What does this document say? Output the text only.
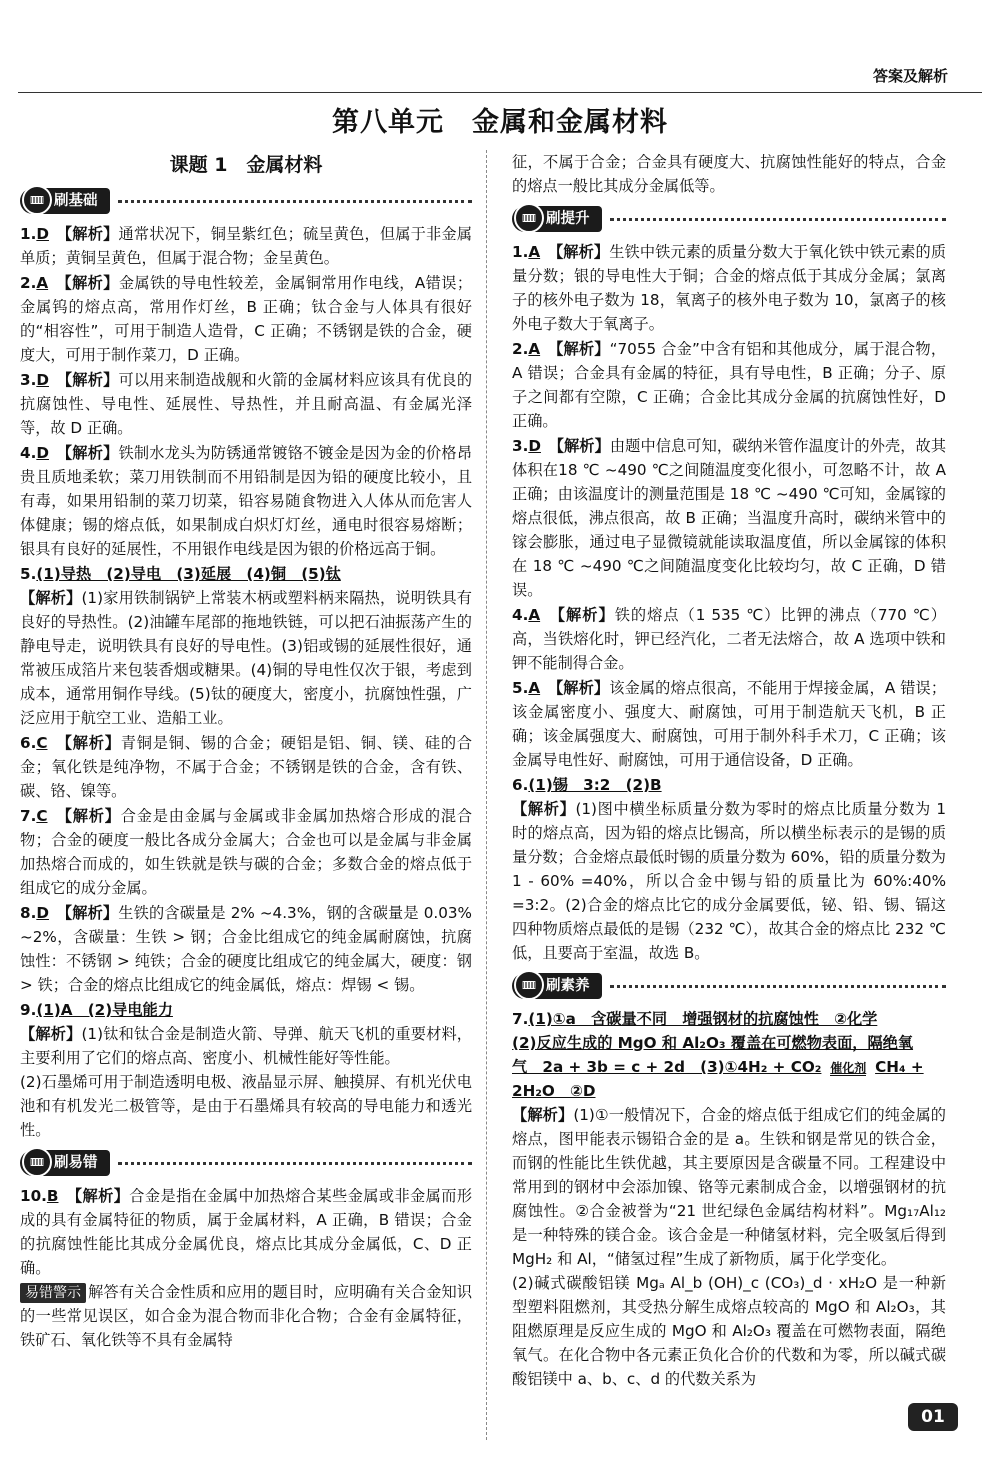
答案及解析
第八单元　金属和金属材料
课题 1　金属材料
刷基础
1.D　 【解析】通常状况下，铜呈紫红色；硫呈黄色，但属于非金属单质；黄铜呈黄色，但属于混合物；金呈黄色。
2.A　 【解析】金属铁的导电性较差，金属铜常用作电线，A错误；金属钨的熔点高，常用作灯丝，B 正确；钛合金与人体具有很好的“相容性”，可用于制造人造骨，C 正确；不锈钢是铁的合金，硬度大，可用于制作菜刀，D 正确。
3.D　 【解析】可以用来制造战舰和火箭的金属材料应该具有优良的抗腐蚀性、导电性、延展性、导热性，并且耐高温、有金属光泽等，故 D 正确。
4.D　 【解析】铁制水龙头为防锈通常镀铬不镀金是因为金的价格昂贵且质地柔软；菜刀用铁制而不用铅制是因为铅的硬度比较小，且有毒，如果用铅制的菜刀切菜，铅容易随食物进入人体从而危害人体健康；锡的熔点低，如果制成白炽灯灯丝，通电时很容易熔断；银具有良好的延展性，不用银作电线是因为银的价格远高于铜。
5.(1)导热　(2)导电　(3)延展　(4)铜　(5)钛
【解析】(1)家用铁制锅铲上常装木柄或塑料柄来隔热，说明铁具有良好的导热性。(2)油罐车尾部的拖地铁链，可以把石油振荡产生的静电导走，说明铁具有良好的导电性。(3)铝或锡的延展性很好，通常被压成箔片来包装香烟或糖果。(4)铜的导电性仅次于银，考虑到成本，通常用铜作导线。(5)钛的硬度大，密度小，抗腐蚀性强，广泛应用于航空工业、造船工业。
6.C　 【解析】青铜是铜、锡的合金；硬铝是铝、铜、镁、硅的合金；氧化铁是纯净物，不属于合金；不锈钢是铁的合金，含有铁、碳、铬、镍等。
7.C　 【解析】合金是由金属与金属或非金属加热熔合形成的混合物；合金的硬度一般比各成分金属大；合金也可以是金属与非金属加热熔合而成的，如生铁就是铁与碳的合金；多数合金的熔点低于组成它的成分金属。
8.D　 【解析】生铁的含碳量是 2% ~4.3%，钢的含碳量是 0.03% ~2%，含碳量：生铁 > 钢；合金比组成它的纯金属耐腐蚀，抗腐蚀性：不锈钢 > 纯铁；合金的硬度比组成它的纯金属大，硬度：钢 > 铁；合金的熔点比组成它的纯金属低，熔点：焊锡 < 锡。
9.(1)A　(2)导电能力
【解析】(1)钛和钛合金是制造火箭、导弹、航天飞机的重要材料，主要利用了它们的熔点高、密度小、机械性能好等性能。
(2)石墨烯可用于制造透明电极、液晶显示屏、触摸屏、有机光伏电池和有机发光二极管等，是由于石墨烯具有较高的导电能力和透光性。
刷易错
10.B　 【解析】合金是指在金属中加热熔合某些金属或非金属而形成的具有金属特征的物质，属于金属材料，A 正确，B 错误；合金的抗腐蚀性能比其成分金属优良，熔点比其成分金属低，C、D 正确。
易错警示 解答有关合金性质和应用的题目时，应明确有关合金知识的一些常见误区，如合金为混合物而非化合物；合金有金属特征，铁矿石、氧化铁等不具有金属特
征，不属于合金；合金具有硬度大、抗腐蚀性能好的特点，合金的熔点一般比其成分金属低等。
刷提升
1.A　 【解析】生铁中铁元素的质量分数大于氧化铁中铁元素的质量分数；银的导电性大于铜；合金的熔点低于其成分金属；氯离子的核外电子数为 18，氧离子的核外电子数为 10，氯离子的核外电子数大于氧离子。
2.A　 【解析】“7055 合金”中含有铝和其他成分，属于混合物，A 错误；合金具有金属的特征，具有导电性，B 正确；分子、原子之间都有空隙，C 正确；合金比其成分金属的抗腐蚀性好，D 正确。
3.D　 【解析】由题中信息可知，碳纳米管作温度计的外壳，故其体积在18 ℃ ~490 ℃之间随温度变化很小，可忽略不计，故 A 正确；由该温度计的测量范围是 18 ℃ ~490 ℃可知，金属镓的熔点很低，沸点很高，故 B 正确；当温度升高时，碳纳米管中的镓会膨胀，通过电子显微镜就能读取温度值，所以金属镓的体积在 18 ℃ ~490 ℃之间随温度变化比较均匀，故 C 正确，D 错误。
4.A　 【解析】铁的熔点（1 535 ℃）比钾的沸点（770 ℃）高，当铁熔化时，钾已经汽化，二者无法熔合，故 A 选项中铁和钾不能制得合金。
5.A　 【解析】该金属的熔点很高，不能用于焊接金属，A 错误；该金属密度小、强度大、耐腐蚀，可用于制造航天飞机，B 正确；该金属强度大、耐腐蚀，可用于制外科手术刀，C 正确；该金属导电性好、耐腐蚀，可用于通信设备，D 正确。
6.(1)锡　3:2　(2)B
【解析】(1)图中横坐标质量分数为零时的熔点比质量分数为 1 时的熔点高，因为铅的熔点比锡高，所以横坐标表示的是锡的质量分数；合金熔点最低时锡的质量分数为 60%，铅的质量分数为 1 - 60% =40%，所以合金中锡与铅的质量比为 60%:40% =3:2。(2)合金的熔点比它的成分金属要低，铋、铅、锡、镉这四种物质熔点最低的是锡（232 ℃），故其合金的熔点比 232 ℃低，且要高于室温，故选 B。
刷素养
7.(1)①a　含碳量不同　增强钢材的抗腐蚀性　②化学
(2)反应生成的 MgO 和 Al₂O₃ 覆盖在可燃物表面，隔绝氧
气　2a + 3b = c + 2d　(3)①4H₂ + CO₂ 催化剂 CH₄ +
2H₂O　②D
【解析】(1)①一般情况下，合金的熔点低于组成它们的纯金属的熔点，图甲能表示锡铅合金的是 a。生铁和钢是常见的铁合金，而钢的性能比生铁优越，其主要原因是含碳量不同。工程建设中常用到的钢材中会添加镍、铬等元素制成合金，以增强钢材的抗腐蚀性。②合金被誉为“21 世纪绿色金属结构材料”。Mg₁₇Al₁₂ 是一种特殊的镁合金。该合金是一种储氢材料，完全吸氢后得到 MgH₂ 和 Al，“储氢过程”生成了新物质，属于化学变化。
(2)碱式碳酸铝镁 Mgₐ Al_b (OH)_c (CO₃)_d · xH₂O 是一种新型塑料阻燃剂，其受热分解生成熔点较高的 MgO 和 Al₂O₃，其阻燃原理是反应生成的 MgO 和 Al₂O₃ 覆盖在可燃物表面，隔绝氧气。在化合物中各元素正负化合价的代数和为零，所以碱式碳酸铝镁中 a、b、c、d 的代数关系为
01
